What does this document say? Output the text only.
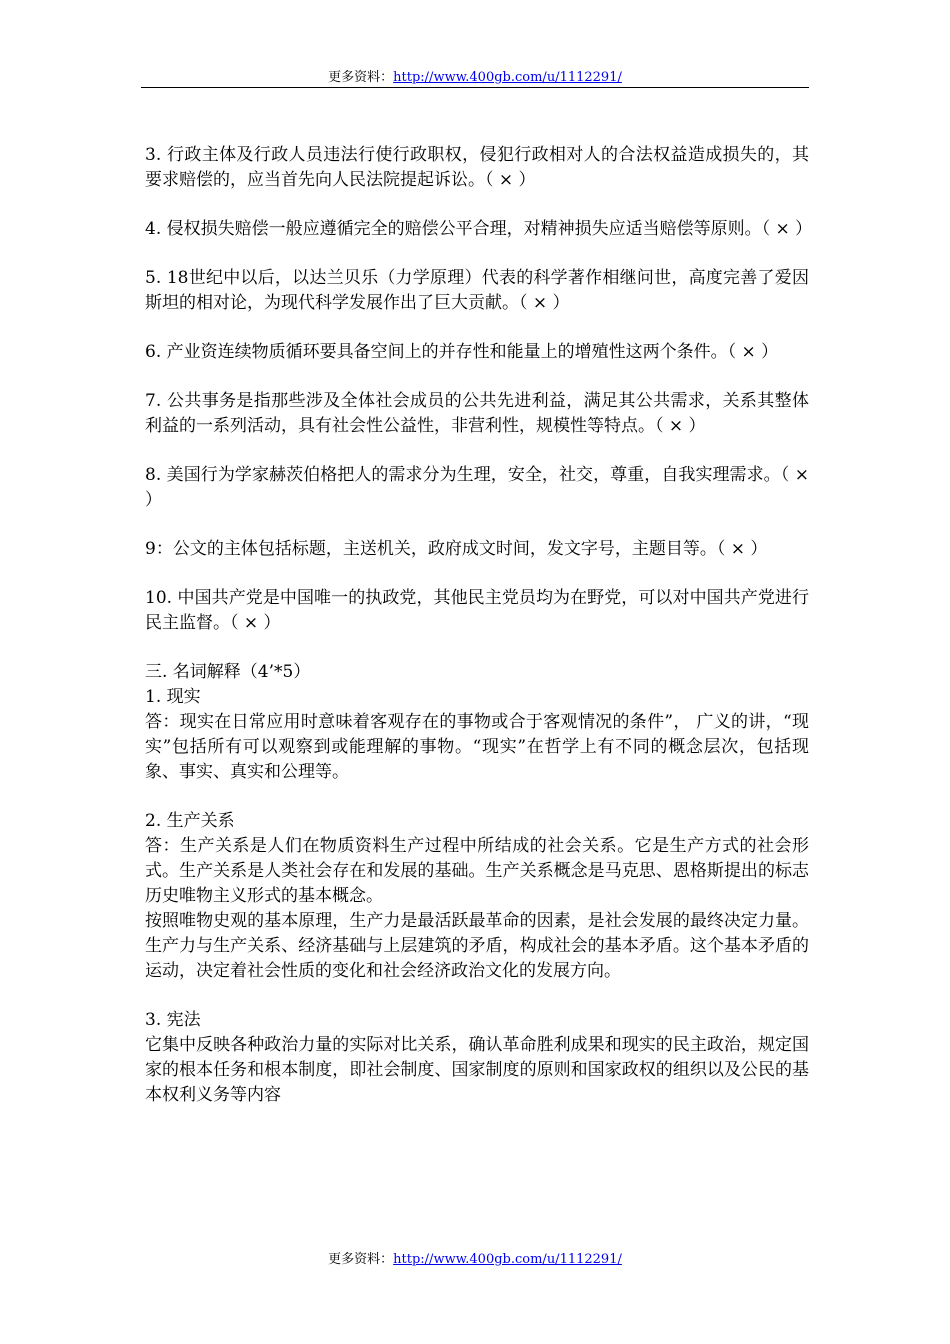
更多资料：http://www.400gb.com/u/1112291/

3. 行政主体及行政人员违法行使行政职权，侵犯行政相对人的合法权益造成损失的，其要求赔偿的，应当首先向人民法院提起诉讼。（ × ）

4. 侵权损失赔偿一般应遵循完全的赔偿公平合理，对精神损失应适当赔偿等原则。（ × ）

5. 18世纪中以后，以达兰贝乐（力学原理）代表的科学著作相继问世，高度完善了爱因斯坦的相对论，为现代科学发展作出了巨大贡献。（ × ）

6. 产业资连续物质循环要具备空间上的并存性和能量上的增殖性这两个条件。（ × ）

7. 公共事务是指那些涉及全体社会成员的公共先进利益，满足其公共需求，关系其整体利益的一系列活动，具有社会性公益性，非营利性，规模性等特点。（ × ）

8. 美国行为学家赫茨伯格把人的需求分为生理，安全，社交，尊重，自我实理需求。（ × ）

9：公文的主体包括标题，主送机关，政府成文时间，发文字号，主题目等。（ × ）

10. 中国共产党是中国唯一的执政党，其他民主党员均为在野党，可以对中国共产党进行民主监督。（ × ）

三. 名词解释（4’*5）

1. 现实

答：现实在日常应用时意味着客观存在的事物或合于客观情况的条件”， 广义的讲，“现实”包括所有可以观察到或能理解的事物。“现实”在哲学上有不同的概念层次，包括现象、事实、真实和公理等。

2. 生产关系

答：生产关系是人们在物质资料生产过程中所结成的社会关系。它是生产方式的社会形式。生产关系是人类社会存在和发展的基础。生产关系概念是马克思、恩格斯提出的标志历史唯物主义形式的基本概念。

按照唯物史观的基本原理，生产力是最活跃最革命的因素，是社会发展的最终决定力量。生产力与生产关系、经济基础与上层建筑的矛盾，构成社会的基本矛盾。这个基本矛盾的运动，决定着社会性质的变化和社会经济政治文化的发展方向。

3. 宪法

它集中反映各种政治力量的实际对比关系，确认革命胜利成果和现实的民主政治，规定国家的根本任务和根本制度，即社会制度、国家制度的原则和国家政权的组织以及公民的基本权利义务等内容

更多资料：http://www.400gb.com/u/1112291/
